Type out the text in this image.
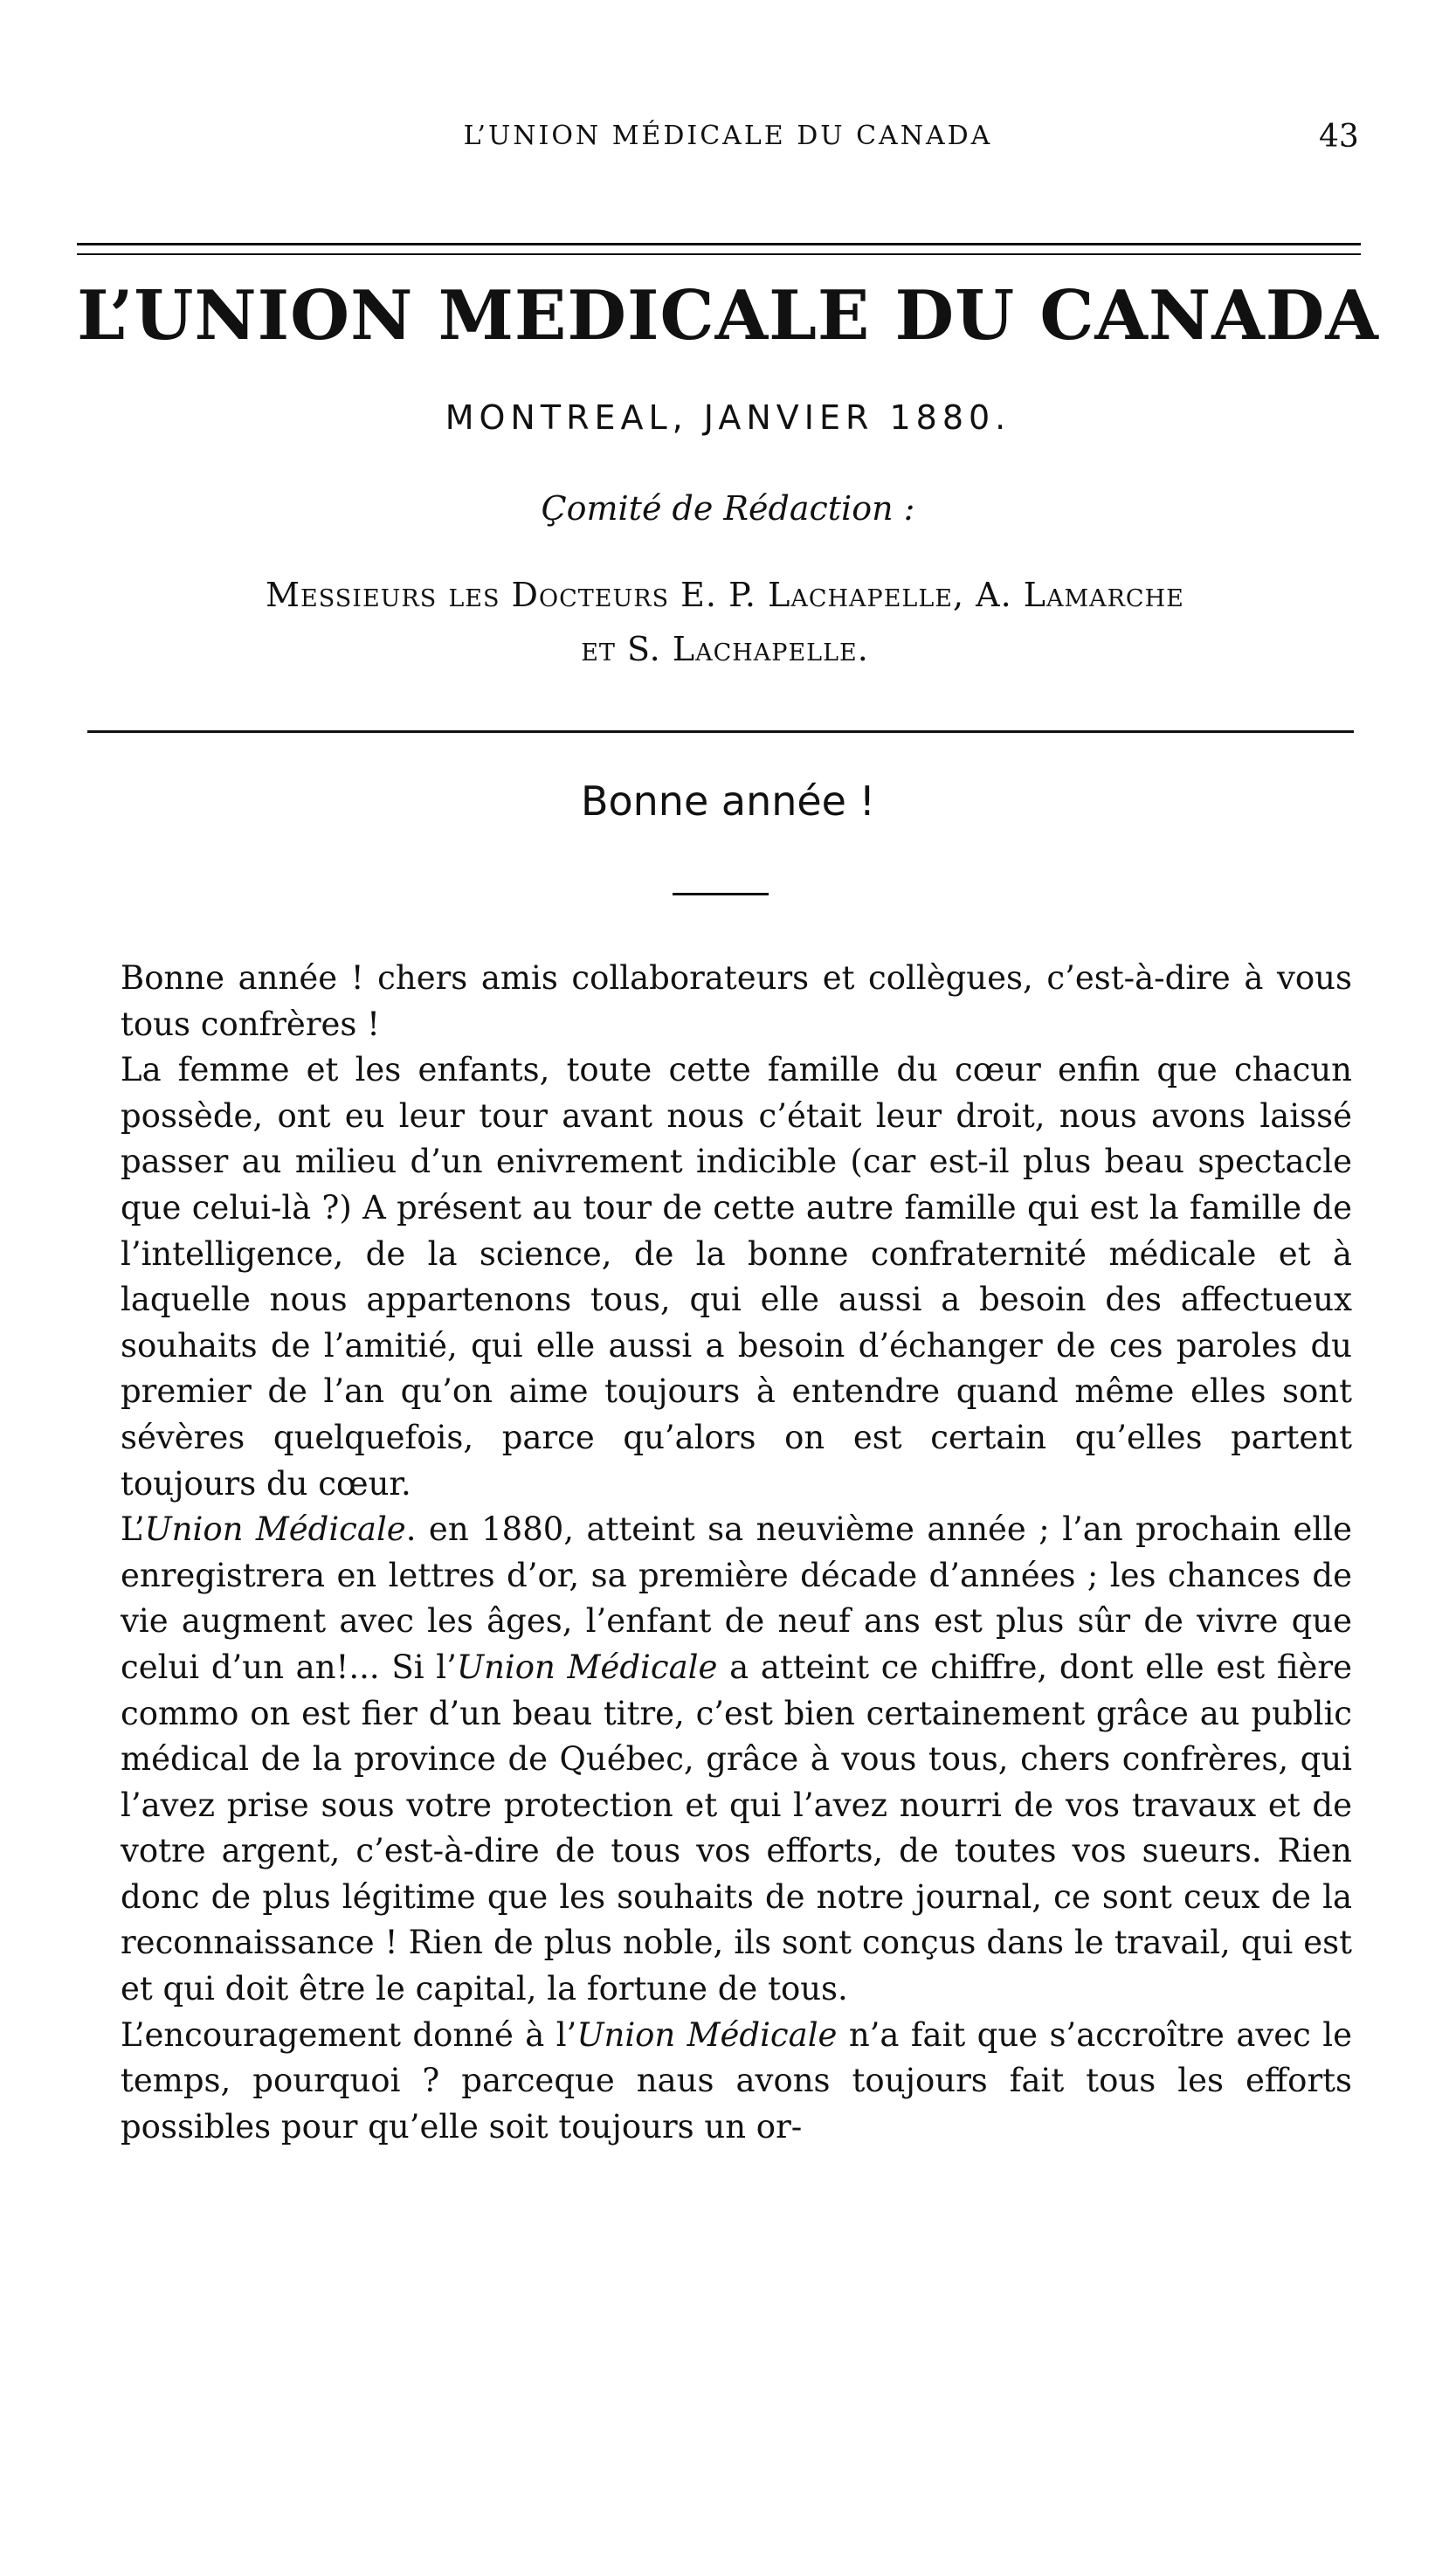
L’UNION MÉDICALE DU CANADA	43
L’UNION MEDICALE DU CANADA
MONTREAL, JANVIER 1880.
Çomité de Rédaction :
Messieurs les Docteurs E. P. Lachapelle, A. Lamarche
et S. Lachapelle.
Bonne année !

Bonne année ! chers amis collaborateurs et collègues, c’est-à-dire à vous tous confrères !

La femme et les enfants, toute cette famille du cœur enfin que chacun possède, ont eu leur tour avant nous c’était leur droit, nous avons laissé passer au milieu d’un enivrement indicible (car est-il plus beau spectacle que celui-là ?) A présent au tour de cette autre famille qui est la famille de l’intelligence, de la science, de la bonne confraternité médicale et à laquelle nous appartenons tous, qui elle aussi a besoin des affectueux souhaits de l’amitié, qui elle aussi a besoin d’échanger de ces paroles du premier de l’an qu’on aime toujours à entendre quand même elles sont sévères quelquefois, parce qu’alors on est certain qu’elles partent toujours du cœur.

L’Union Médicale. en 1880, atteint sa neuvième année ; l’an prochain elle enregistrera en lettres d’or, sa première décade d’années ; les chances de vie augment avec les âges, l’enfant de neuf ans est plus sûr de vivre que celui d’un an!... Si l’Union Médicale a atteint ce chiffre, dont elle est fière commo on est fier d’un beau titre, c’est bien certainement grâce au public médical de la province de Québec, grâce à vous tous, chers confrères, qui l’avez prise sous votre protection et qui l’avez nourri de vos travaux et de votre argent, c’est-à-dire de tous vos efforts, de toutes vos sueurs. Rien donc de plus légitime que les souhaits de notre journal, ce sont ceux de la reconnaissance ! Rien de plus noble, ils sont conçus dans le travail, qui est et qui doit être le capital, la fortune de tous.

L’encouragement donné à l’Union Médicale n’a fait que s’accroître avec le temps, pourquoi ? parceque naus avons toujours fait tous les efforts possibles pour qu’elle soit toujours un or-
